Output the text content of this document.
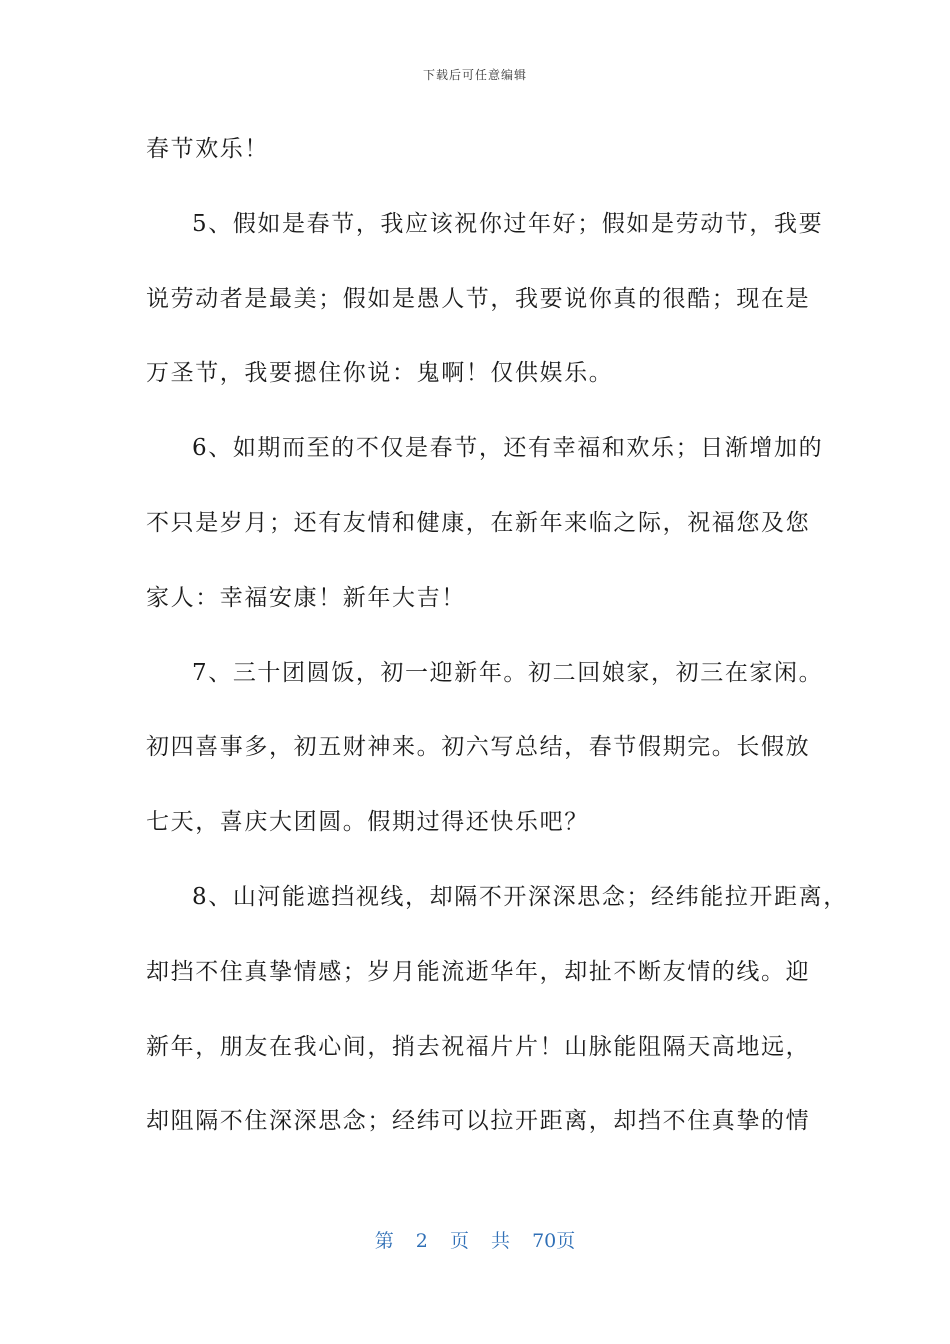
下载后可任意编辑
春节欢乐！
5、假如是春节，我应该祝你过年好；假如是劳动节，我要
说劳动者是最美；假如是愚人节，我要说你真的很酷；现在是
万圣节，我要摁住你说：鬼啊！仅供娱乐。
6、如期而至的不仅是春节，还有幸福和欢乐；日渐增加的
不只是岁月；还有友情和健康，在新年来临之际，祝福您及您
家人：幸福安康！新年大吉！
7、三十团圆饭，初一迎新年。初二回娘家，初三在家闲。
初四喜事多，初五财神来。初六写总结，春节假期完。长假放
七天，喜庆大团圆。假期过得还快乐吧？
8、山河能遮挡视线，却隔不开深深思念；经纬能拉开距离，
却挡不住真挚情感；岁月能流逝华年，却扯不断友情的线。迎
新年，朋友在我心间，捎去祝福片片！山脉能阻隔天高地远，
却阻隔不住深深思念；经纬可以拉开距离，却挡不住真挚的情
第 2 页 共 70页
